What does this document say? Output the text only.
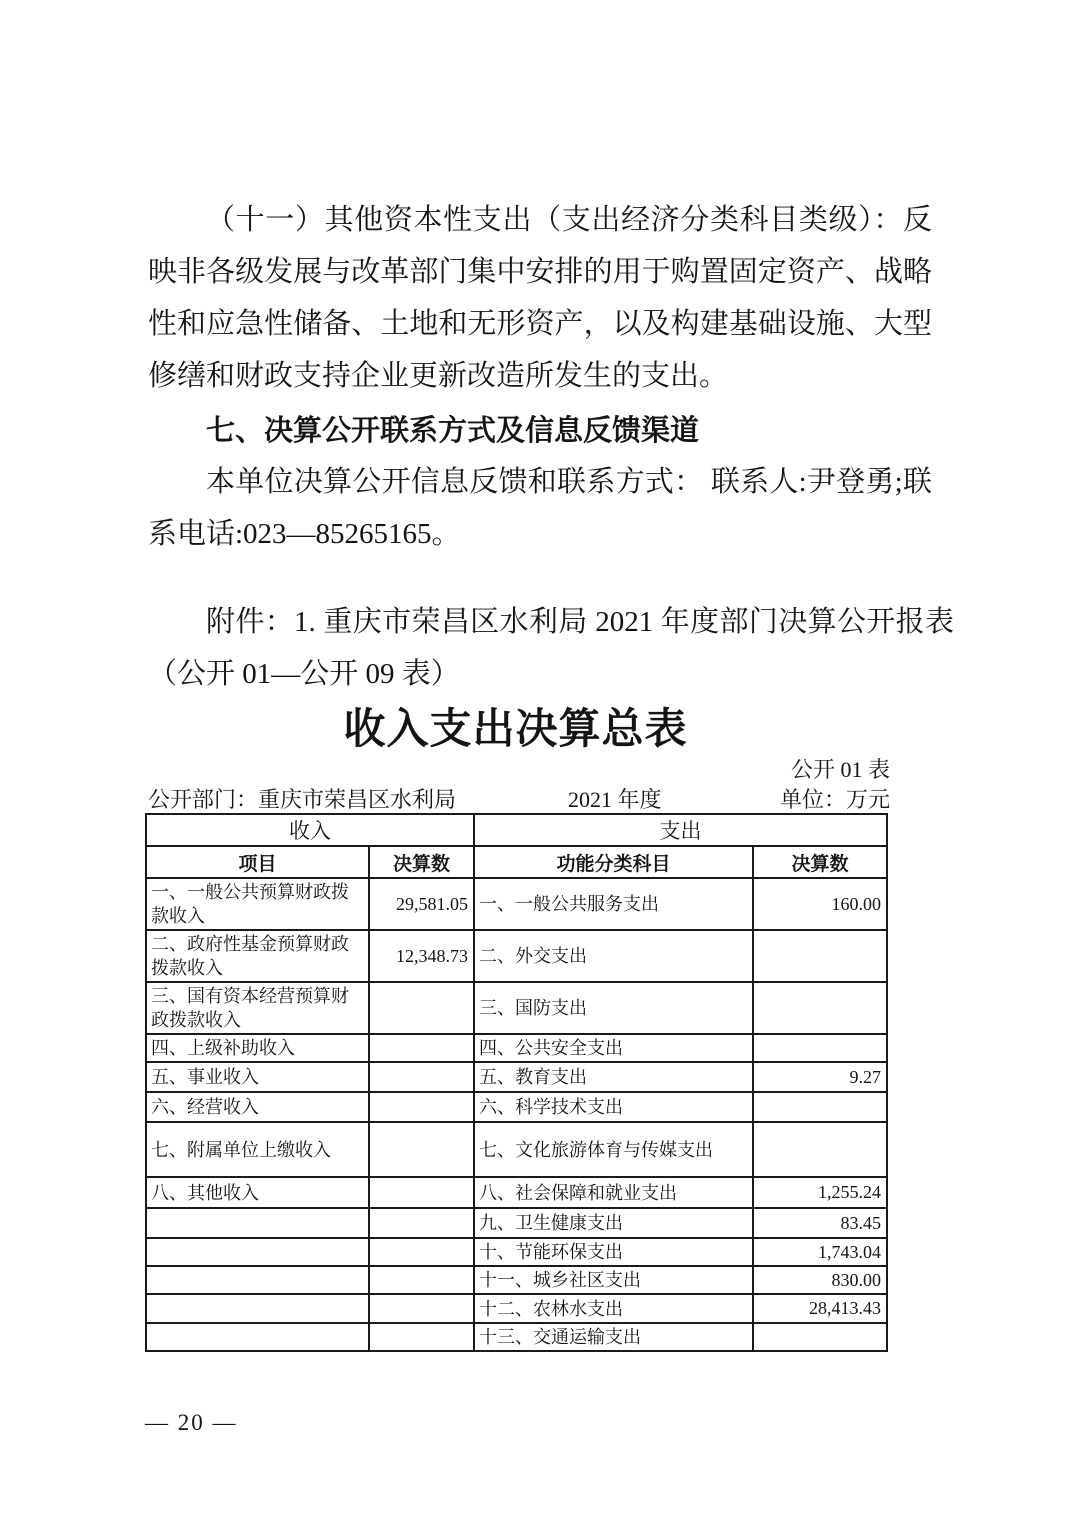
（十一）其他资本性支出（支出经济分类科目类级）：反映非各级发展与改革部门集中安排的用于购置固定资产、战略性和应急性储备、土地和无形资产，以及构建基础设施、大型修缮和财政支持企业更新改造所发生的支出。

七、决算公开联系方式及信息反馈渠道

本单位决算公开信息反馈和联系方式： 联系人:尹登勇;联系电话:023—85265165。

附件：1. 重庆市荣昌区水利局 2021 年度部门决算公开报表（公开 01—公开 09 表）

收入支出决算总表
公开 01 表
公开部门：重庆市荣昌区水利局	2021 年度	单位：万元
收入		支出	
项目	决算数	功能分类科目	决算数
一、一般公共预算财政拨款收入	29,581.05	一、一般公共服务支出	160.00
二、政府性基金预算财政拨款收入	12,348.73	二、外交支出	
三、国有资本经营预算财政拨款收入		三、国防支出	
四、上级补助收入		四、公共安全支出	
五、事业收入		五、教育支出	9.27
六、经营收入		六、科学技术支出	
七、附属单位上缴收入		七、文化旅游体育与传媒支出	
八、其他收入		八、社会保障和就业支出	1,255.24
		九、卫生健康支出	83.45
		十、节能环保支出	1,743.04
		十一、城乡社区支出	830.00
		十二、农林水支出	28,413.43
		十三、交通运输支出	
— 20 —
